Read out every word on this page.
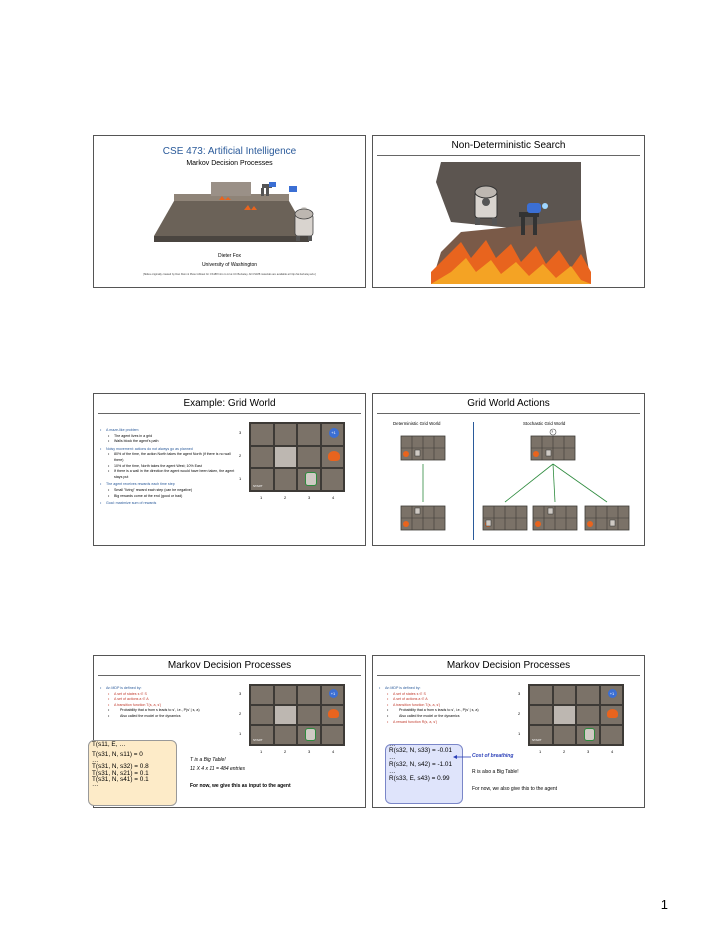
CSE 473: Artificial Intelligence
Markov Decision Processes
Dieter Fox
University of Washington
[Slides originally created by Dan Klein & Pieter Abbeel for CS188 Intro to AI at UC Berkeley. All CS188 materials are available at http://ai.berkeley.edu.]
Non-Deterministic Search
Example: Grid World

• A maze-like problem

• The agent lives in a grid

• Walls block the agent's path

• Noisy movement: actions do not always go as planned

• 80% of the time, the action North takes the agent North (if there is no wall there)

• 10% of the time, North takes the agent West; 10% East

• If there is a wall in the direction the agent would have been taken, the agent stays put

• The agent receives rewards each time step

• Small "living" reward each step (can be negative)

• Big rewards come at the end (good or bad)

• Goal: maximize sum of rewards

+1
START
3
2
1
1	2	3	4
Grid World Actions
Deterministic Grid World	Stochastic Grid World
?
Markov Decision Processes

• An MDP is defined by:

• A set of states s ∈ S

• A set of actions a ∈ A

• A transition function T(s, a, s')

• Probability that a from s leads to s', i.e., P(s' | s, a)

• Also called the model or the dynamics

T(s11, E, …
T(s31, N, s11) = 0
…
T(s31, N, s32) = 0.8
T(s31, N, s21) = 0.1
T(s31, N, s41) = 0.1
…
T is a Big Table!
11 X 4 x 11 = 484 entries
For now, we give this as input to the agent
+1
START
3
2
1
1	2	3	4
Markov Decision Processes

• An MDP is defined by:

• A set of states s ∈ S

• A set of actions a ∈ A

• A transition function T(s, a, s')

• Probability that a from s leads to s', i.e., P(s' | s, a)

• Also called the model or the dynamics

• A reward function R(s, a, s')

…
R(s32, N, s33) = -0.01
…
R(s32, N, s42) = -1.01
…
R(s33, E, s43) = 0.99
Cost of breathing
R is also a Big Table!
For now, we also give this to the agent
+1
START
3
2
1
1	2	3	4
1
